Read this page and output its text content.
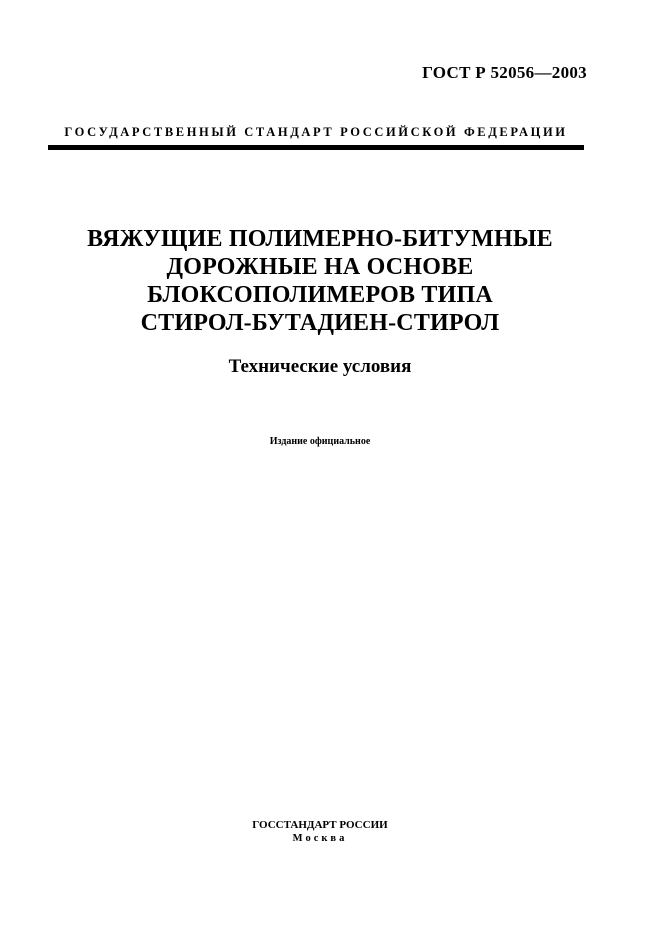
ГОСТ Р 52056—2003
ГОСУДАРСТВЕННЫЙ СТАНДАРТ РОССИЙСКОЙ ФЕДЕРАЦИИ
ВЯЖУЩИЕ ПОЛИМЕРНО-БИТУМНЫЕ
ДОРОЖНЫЕ НА ОСНОВЕ
БЛОКСОПОЛИМЕРОВ ТИПА
СТИРОЛ-БУТАДИЕН-СТИРОЛ
Технические условия
Издание официальное
ГОССТАНДАРТ РОССИИ
Москва
